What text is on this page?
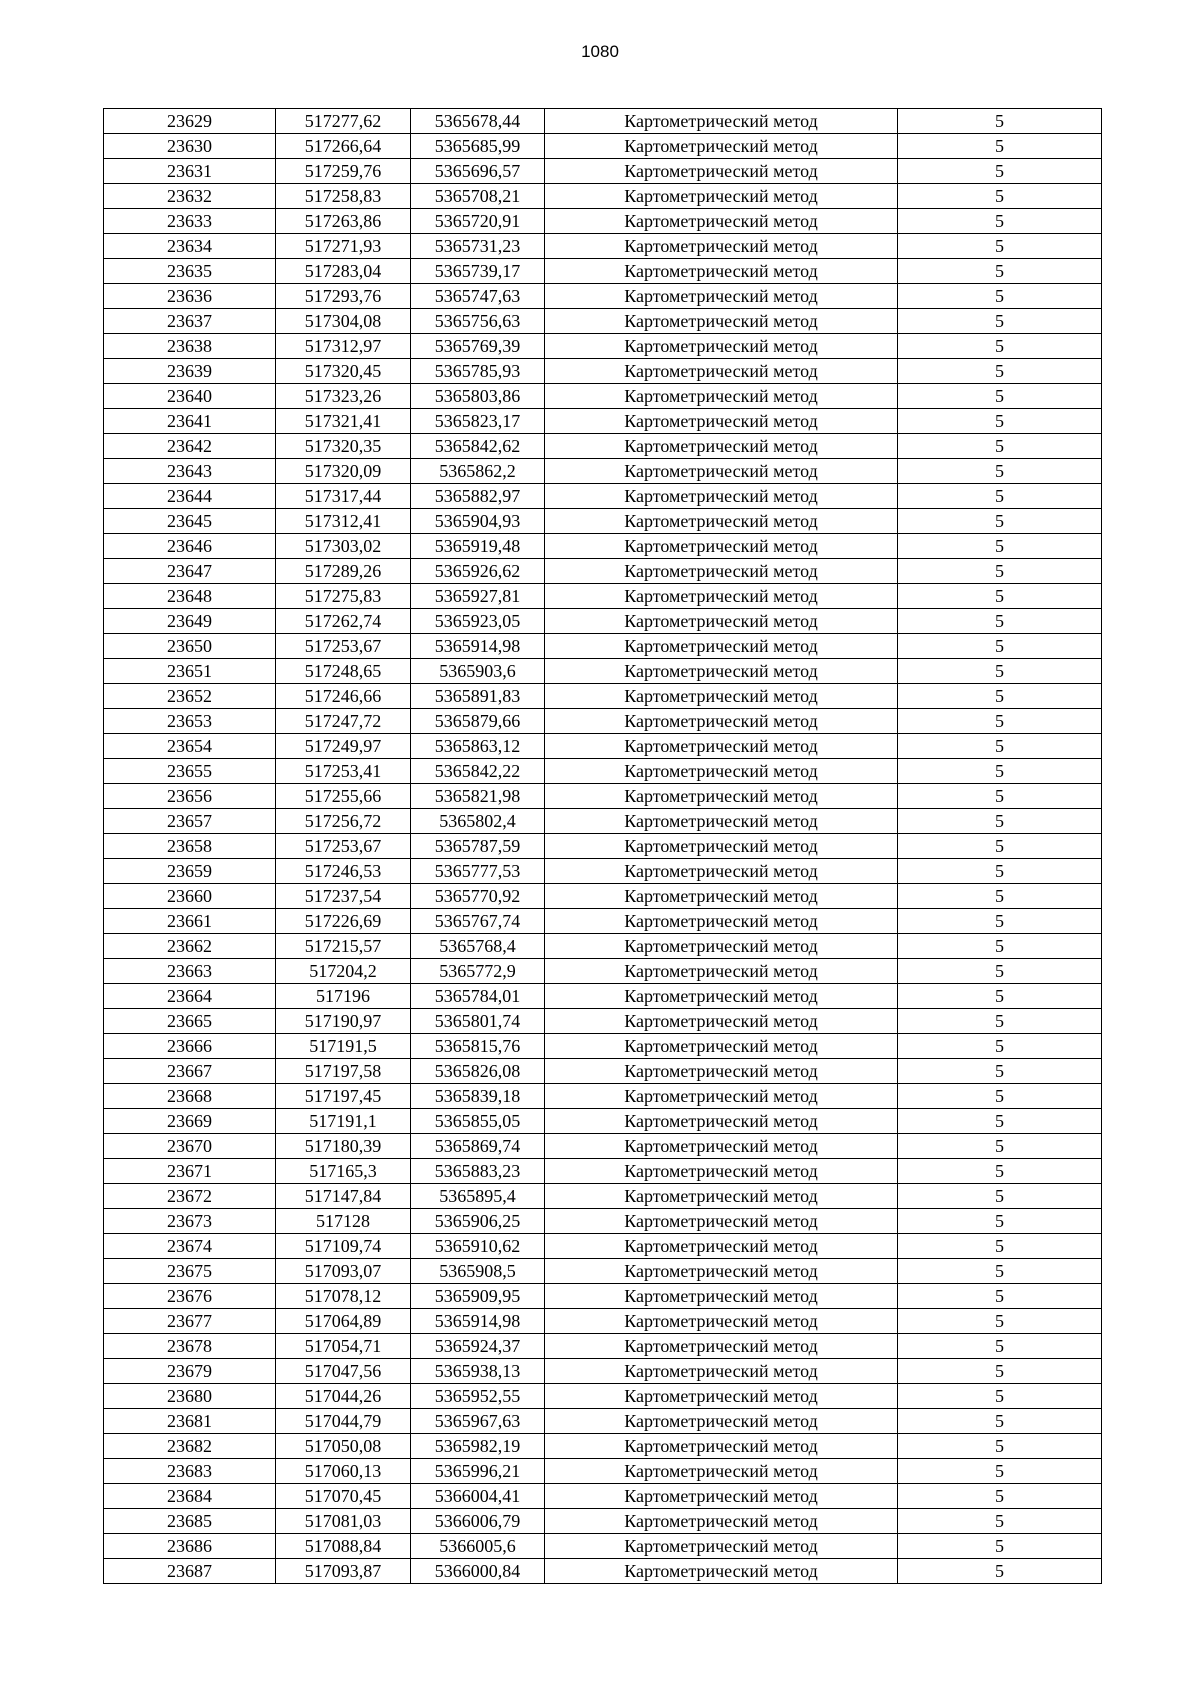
1080
23629	517277,62	5365678,44	Картометрический метод	5
23630	517266,64	5365685,99	Картометрический метод	5
23631	517259,76	5365696,57	Картометрический метод	5
23632	517258,83	5365708,21	Картометрический метод	5
23633	517263,86	5365720,91	Картометрический метод	5
23634	517271,93	5365731,23	Картометрический метод	5
23635	517283,04	5365739,17	Картометрический метод	5
23636	517293,76	5365747,63	Картометрический метод	5
23637	517304,08	5365756,63	Картометрический метод	5
23638	517312,97	5365769,39	Картометрический метод	5
23639	517320,45	5365785,93	Картометрический метод	5
23640	517323,26	5365803,86	Картометрический метод	5
23641	517321,41	5365823,17	Картометрический метод	5
23642	517320,35	5365842,62	Картометрический метод	5
23643	517320,09	5365862,2	Картометрический метод	5
23644	517317,44	5365882,97	Картометрический метод	5
23645	517312,41	5365904,93	Картометрический метод	5
23646	517303,02	5365919,48	Картометрический метод	5
23647	517289,26	5365926,62	Картометрический метод	5
23648	517275,83	5365927,81	Картометрический метод	5
23649	517262,74	5365923,05	Картометрический метод	5
23650	517253,67	5365914,98	Картометрический метод	5
23651	517248,65	5365903,6	Картометрический метод	5
23652	517246,66	5365891,83	Картометрический метод	5
23653	517247,72	5365879,66	Картометрический метод	5
23654	517249,97	5365863,12	Картометрический метод	5
23655	517253,41	5365842,22	Картометрический метод	5
23656	517255,66	5365821,98	Картометрический метод	5
23657	517256,72	5365802,4	Картометрический метод	5
23658	517253,67	5365787,59	Картометрический метод	5
23659	517246,53	5365777,53	Картометрический метод	5
23660	517237,54	5365770,92	Картометрический метод	5
23661	517226,69	5365767,74	Картометрический метод	5
23662	517215,57	5365768,4	Картометрический метод	5
23663	517204,2	5365772,9	Картометрический метод	5
23664	517196	5365784,01	Картометрический метод	5
23665	517190,97	5365801,74	Картометрический метод	5
23666	517191,5	5365815,76	Картометрический метод	5
23667	517197,58	5365826,08	Картометрический метод	5
23668	517197,45	5365839,18	Картометрический метод	5
23669	517191,1	5365855,05	Картометрический метод	5
23670	517180,39	5365869,74	Картометрический метод	5
23671	517165,3	5365883,23	Картометрический метод	5
23672	517147,84	5365895,4	Картометрический метод	5
23673	517128	5365906,25	Картометрический метод	5
23674	517109,74	5365910,62	Картометрический метод	5
23675	517093,07	5365908,5	Картометрический метод	5
23676	517078,12	5365909,95	Картометрический метод	5
23677	517064,89	5365914,98	Картометрический метод	5
23678	517054,71	5365924,37	Картометрический метод	5
23679	517047,56	5365938,13	Картометрический метод	5
23680	517044,26	5365952,55	Картометрический метод	5
23681	517044,79	5365967,63	Картометрический метод	5
23682	517050,08	5365982,19	Картометрический метод	5
23683	517060,13	5365996,21	Картометрический метод	5
23684	517070,45	5366004,41	Картометрический метод	5
23685	517081,03	5366006,79	Картометрический метод	5
23686	517088,84	5366005,6	Картометрический метод	5
23687	517093,87	5366000,84	Картометрический метод	5
